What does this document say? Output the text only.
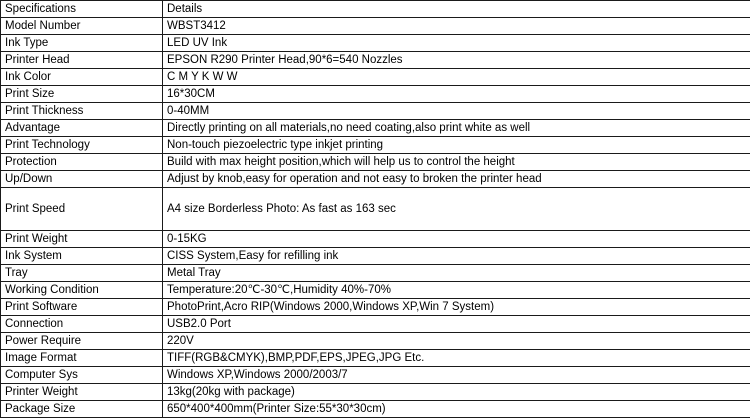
Specifications	Details
Model Number	WBST3412
Ink Type	LED UV Ink
Printer Head	EPSON R290 Printer Head,90*6=540 Nozzles
Ink Color	C M Y K W W
Print Size	16*30CM
Print Thickness	0-40MM
Advantage	Directly printing on all materials,no need coating,also print white as well
Print Technology	Non-touch piezoelectric type inkjet printing
Protection	Build with max height position,which will help us to control the height
Up/Down	Adjust by knob,easy for operation and not easy to broken the printer head
Print Speed	A4 size Borderless Photo: As fast as 163 sec
Print Weight	0-15KG
Ink System	CISS System,Easy for refilling ink
Tray	Metal Tray
Working Condition	Temperature:20℃-30℃,Humidity 40%-70%
Print Software	PhotoPrint,Acro RIP(Windows 2000,Windows XP,Win 7 System)
Connection	USB2.0 Port
Power Require	220V
Image Format	TIFF(RGB&CMYK),BMP,PDF,EPS,JPEG,JPG Etc.
Computer Sys	Windows XP,Windows 2000/2003/7
Printer Weight	13kg(20kg with package)
Package Size	650*400*400mm(Printer Size:55*30*30cm)
